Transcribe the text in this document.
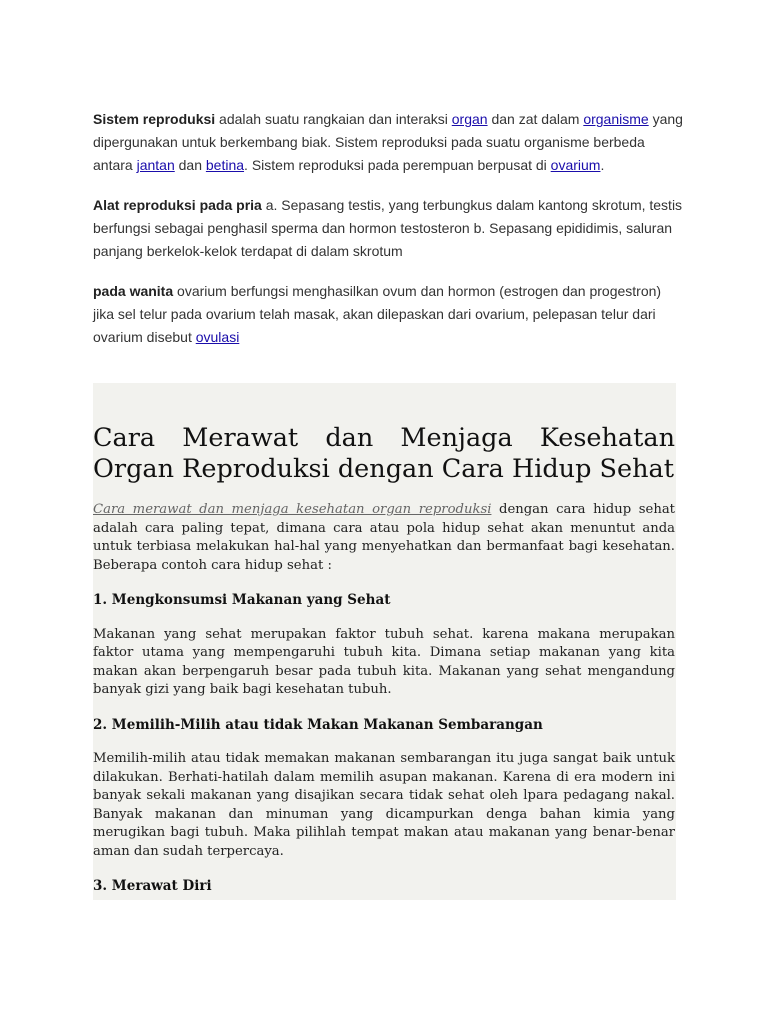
Sistem reproduksi adalah suatu rangkaian dan interaksi organ dan zat dalam organisme yang dipergunakan untuk berkembang biak. Sistem reproduksi pada suatu organisme berbeda antara jantan dan betina. Sistem reproduksi pada perempuan berpusat di ovarium.

Alat reproduksi pada pria a. Sepasang testis, yang terbungkus dalam kantong skrotum, testis berfungsi sebagai penghasil sperma dan hormon testosteron b. Sepasang epididimis, saluran panjang berkelok-kelok terdapat di dalam skrotum

pada wanita ovarium berfungsi menghasilkan ovum dan hormon (estrogen dan progestron) jika sel telur pada ovarium telah masak, akan dilepaskan dari ovarium, pelepasan telur dari ovarium disebut ovulasi

Cara Merawat dan Menjaga Kesehatan Organ Reproduksi dengan Cara Hidup Sehat

Cara merawat dan menjaga kesehatan organ reproduksi dengan cara hidup sehat adalah cara paling tepat, dimana cara atau pola hidup sehat akan menuntut anda untuk terbiasa melakukan hal-hal yang menyehatkan dan bermanfaat bagi kesehatan. Beberapa contoh cara hidup sehat :

1. Mengkonsumsi Makanan yang Sehat

Makanan yang sehat merupakan faktor tubuh sehat. karena makana merupakan faktor utama yang mempengaruhi tubuh kita. Dimana setiap makanan yang kita makan akan berpengaruh besar pada tubuh kita. Makanan yang sehat mengandung banyak gizi yang baik bagi kesehatan tubuh.

2. Memilih-Milih atau tidak Makan Makanan Sembarangan

Memilih-milih atau tidak memakan makanan sembarangan itu juga sangat baik untuk dilakukan. Berhati-hatilah dalam memilih asupan makanan. Karena di era modern ini banyak sekali makanan yang disajikan secara tidak sehat oleh lpara pedagang nakal. Banyak makanan dan minuman yang dicampurkan denga bahan kimia yang merugikan bagi tubuh. Maka pilihlah tempat makan atau makanan yang benar-benar aman dan sudah terpercaya.

3. Merawat Diri
